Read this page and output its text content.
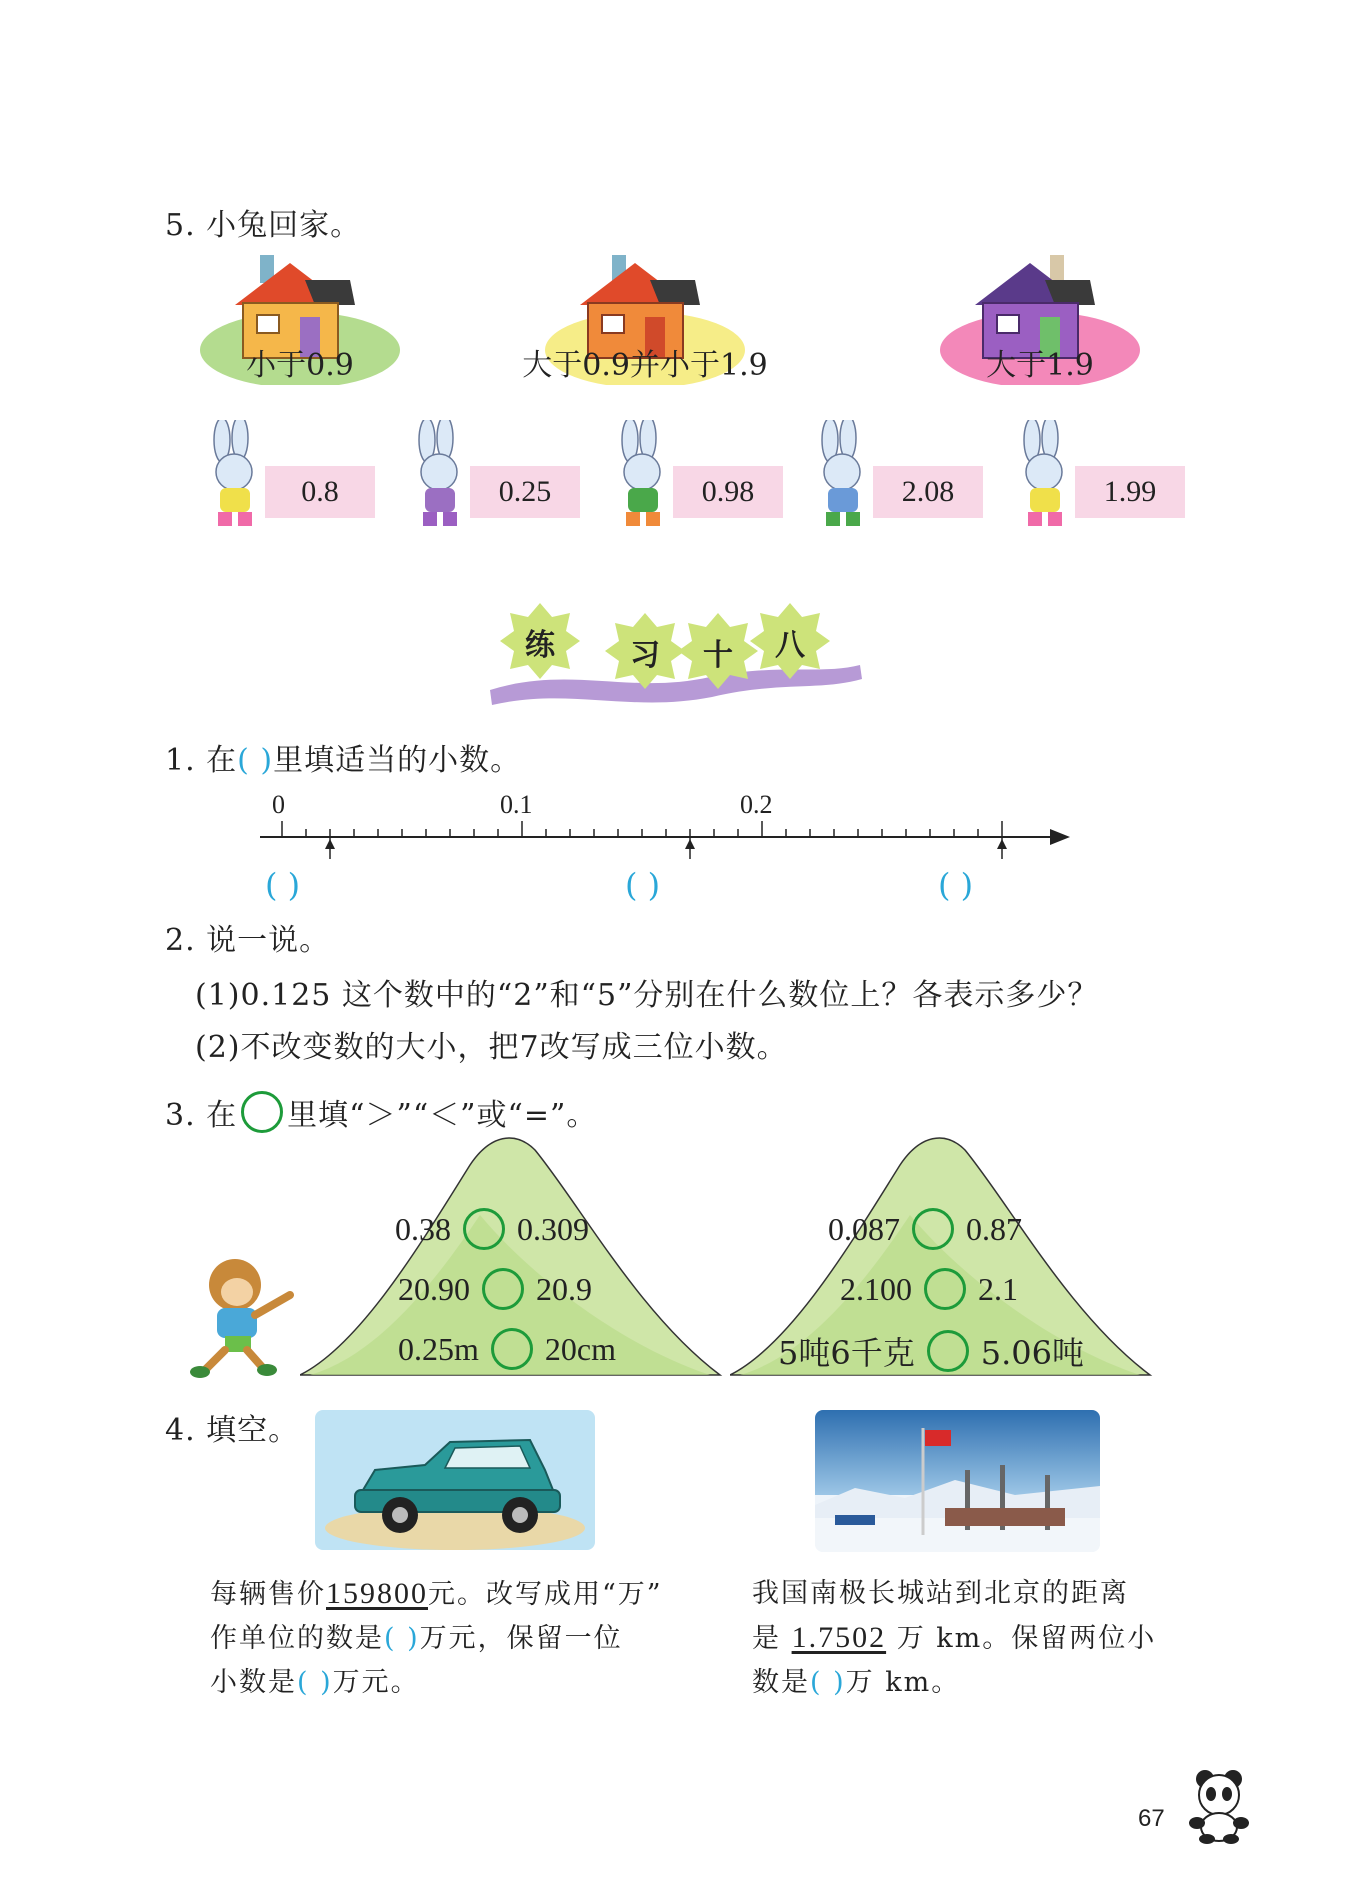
5. 小兔回家。
小于0.9	大于0.9并小于1.9	大于1.9
0.8	0.25	0.98	2.08	1.99
练	习 十 八
1. 在( )里填适当的小数。
0	0.1	0.2
( )	( )	( )
2. 说一说。
(1)0.125 这个数中的“2”和“5”分别在什么数位上？各表示多少？
(2)不改变数的大小，把7改写成三位小数。
3. 在 里填“＞”“＜”或“=”。
0.38 0.309
20.90 20.9
0.25m 20cm
0.087 0.87
2.100 2.1
5吨6千克 5.06吨
4. 填空。
每辆售价159800元。改写成用“万”
作单位的数是( )万元，保留一位
小数是( )万元。
我国南极长城站到北京的距离
是 1.7502 万 km。保留两位小
数是( )万 km。
67
